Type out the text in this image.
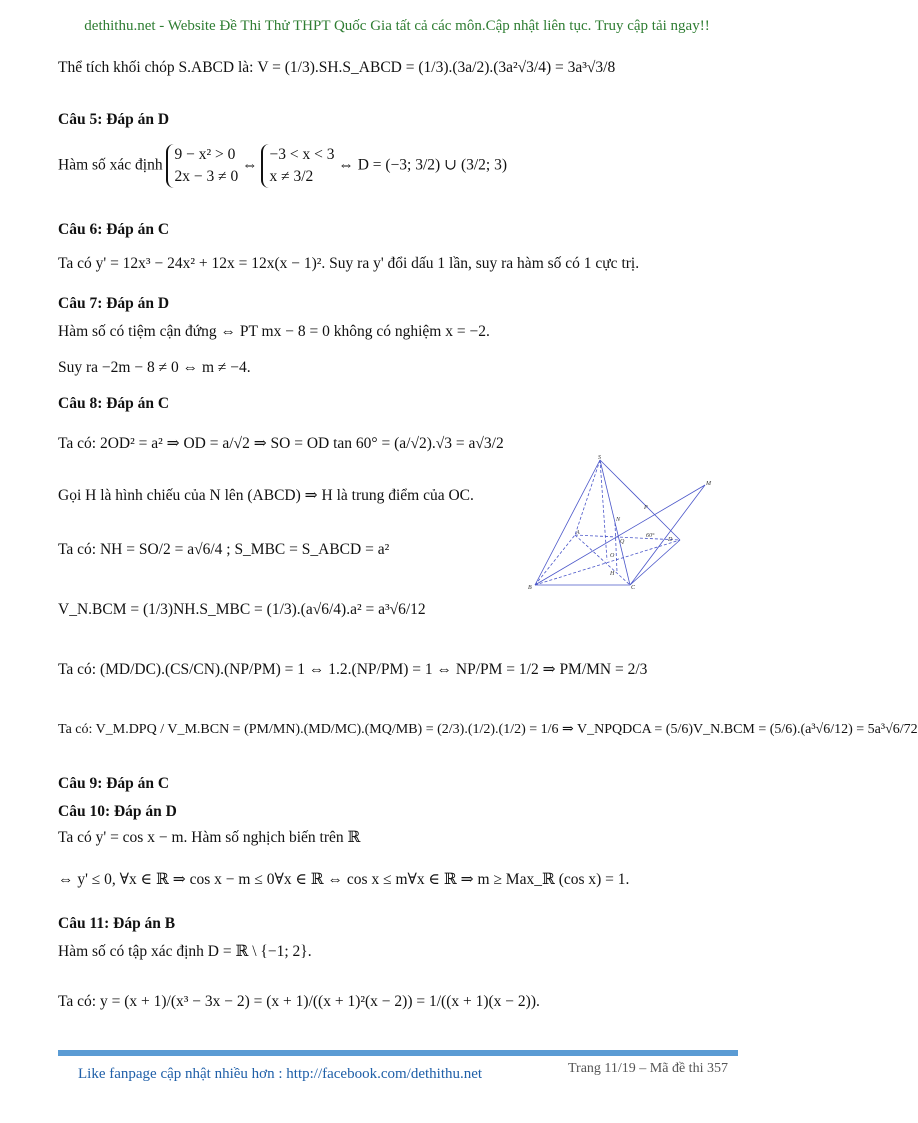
dethithu.net - Website Đề Thi Thử THPT Quốc Gia tất cả các môn.Cập nhật liên tục. Truy cập tải ngay!!
Thể tích khối chóp S.ABCD là: V = (1/3).SH.S_ABCD = (1/3).(3a/2).(3a²√3/4) = 3a³√3/8
Câu 5: Đáp án D
Hàm số xác định
9 − x² > 0
2x − 3 ≠ 0
⇔
−3 < x < 3
x ≠ 3/2
⇔ D = (−3; 3/2) ∪ (3/2; 3)
Câu 6: Đáp án C
Ta có y' = 12x³ − 24x² + 12x = 12x(x − 1)². Suy ra y' đổi dấu 1 lần, suy ra hàm số có 1 cực trị.
Câu 7: Đáp án D
Hàm số có tiệm cận đứng ⇔ PT mx − 8 = 0 không có nghiệm x = −2.
Suy ra −2m − 8 ≠ 0 ⇔ m ≠ −4.
Câu 8: Đáp án C
Ta có: 2OD² = a² ⇒ OD = a/√2 ⇒ SO = OD tan 60° = (a/√2).√3 = a√3/2
Gọi H là hình chiếu của N lên (ABCD) ⇒ H là trung điểm của OC.
Ta có: NH = SO/2 = a√6/4 ; S_MBC = S_ABCD = a²
V_N.BCM = (1/3)NH.S_MBC = (1/3).(a√6/4).a² = a³√6/12
Ta có: (MD/DC).(CS/CN).(NP/PM) = 1 ⇔ 1.2.(NP/PM) = 1 ⇔ NP/PM = 1/2 ⇒ PM/MN = 2/3
Ta có: V_M.DPQ / V_M.BCN = (PM/MN).(MD/MC).(MQ/MB) = (2/3).(1/2).(1/2) = 1/6 ⇒ V_NPQDCA = (5/6)V_N.BCM = (5/6).(a³√6/12) = 5a³√6/72
Câu 9: Đáp án C
Câu 10: Đáp án D
Ta có y' = cos x − m. Hàm số nghịch biến trên ℝ
⇔ y' ≤ 0, ∀x ∈ ℝ ⇒ cos x − m ≤ 0∀x ∈ ℝ ⇔ cos x ≤ m∀x ∈ ℝ ⇒ m ≥ Max_ℝ (cos x) = 1.
Câu 11: Đáp án B
Hàm số có tập xác định D = ℝ \ {−1; 2}.
Ta có: y = (x + 1)/(x³ − 3x − 2) = (x + 1)/((x + 1)²(x − 2)) = 1/((x + 1)(x − 2)).
S
M
P
N
A
Q
60°
D
O
H
B	C
Like fanpage cập nhật nhiều hơn : http://facebook.com/dethithu.net	Trang 11/19 – Mã đề thi 357
